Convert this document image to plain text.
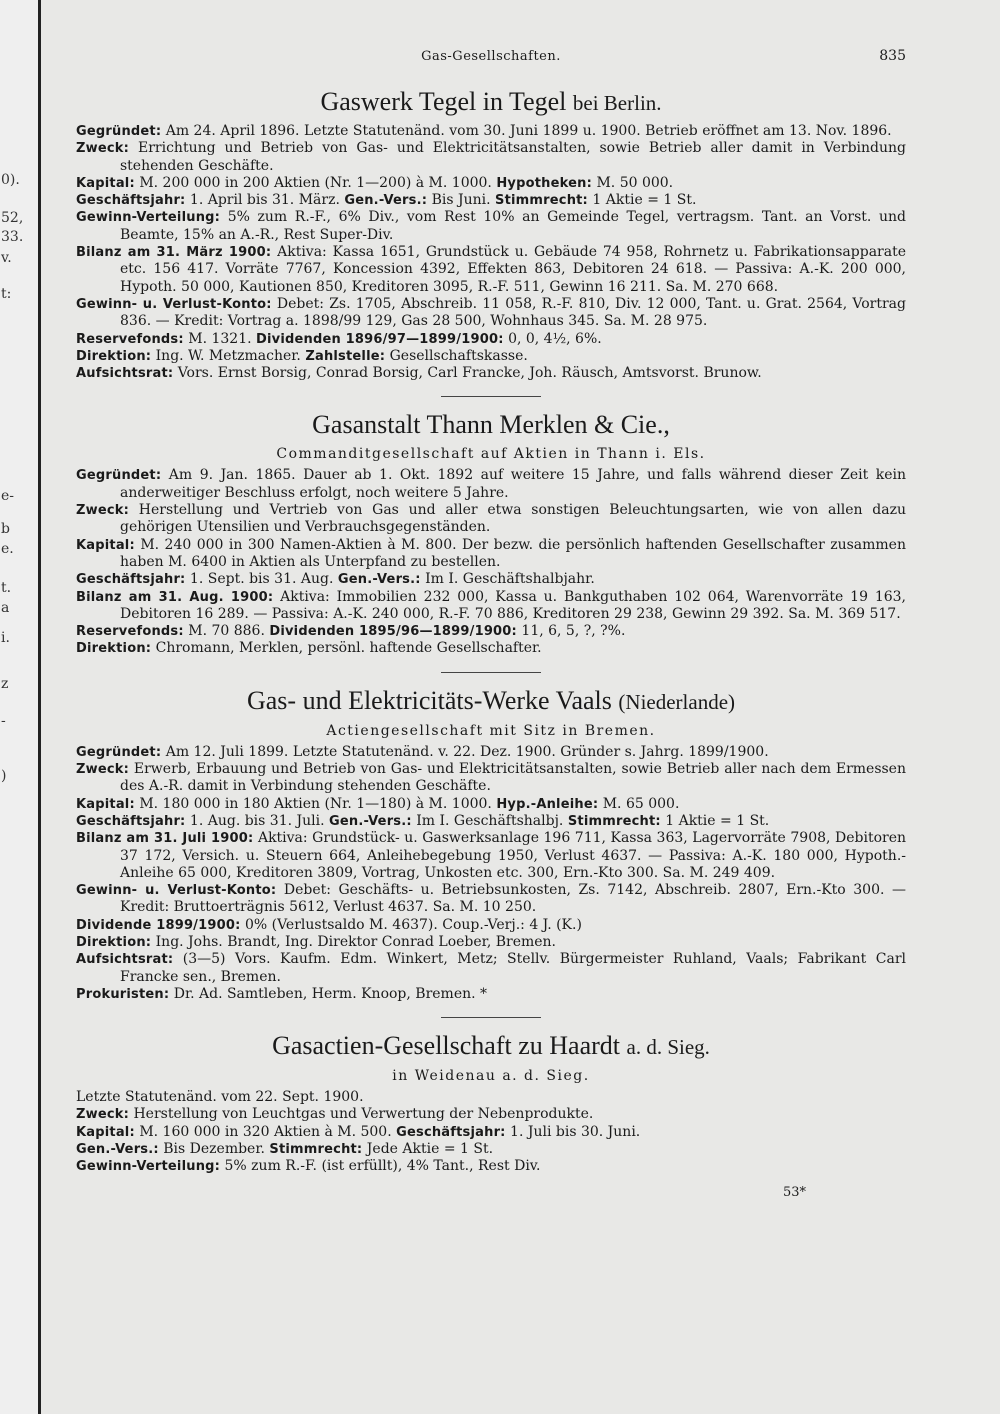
0).
52,
33.
v.
t:
e-
b
e.
t.
a
i.
z
-
)
Gas-Gesellschaften.	835
Gaswerk Tegel in Tegel bei Berlin.
Gegründet: Am 24. April 1896. Letzte Statutenänd. vom 30. Juni 1899 u. 1900. Betrieb eröffnet am 13. Nov. 1896.
Zweck: Errichtung und Betrieb von Gas- und Elektricitätsanstalten, sowie Betrieb aller damit in Verbindung stehenden Geschäfte.
Kapital: M. 200 000 in 200 Aktien (Nr. 1—200) à M. 1000. Hypotheken: M. 50 000.
Geschäftsjahr: 1. April bis 31. März. Gen.-Vers.: Bis Juni. Stimmrecht: 1 Aktie = 1 St.
Gewinn-Verteilung: 5% zum R.-F., 6% Div., vom Rest 10% an Gemeinde Tegel, vertragsm. Tant. an Vorst. und Beamte, 15% an A.-R., Rest Super-Div.
Bilanz am 31. März 1900: Aktiva: Kassa 1651, Grundstück u. Gebäude 74 958, Rohrnetz u. Fabrikationsapparate etc. 156 417. Vorräte 7767, Koncession 4392, Effekten 863, Debitoren 24 618. — Passiva: A.-K. 200 000, Hypoth. 50 000, Kautionen 850, Kreditoren 3095, R.-F. 511, Gewinn 16 211. Sa. M. 270 668.
Gewinn- u. Verlust-Konto: Debet: Zs. 1705, Abschreib. 11 058, R.-F. 810, Div. 12 000, Tant. u. Grat. 2564, Vortrag 836. — Kredit: Vortrag a. 1898/99 129, Gas 28 500, Wohnhaus 345. Sa. M. 28 975.
Reservefonds: M. 1321. Dividenden 1896/97—1899/1900: 0, 0, 4½, 6%.
Direktion: Ing. W. Metzmacher. Zahlstelle: Gesellschaftskasse.
Aufsichtsrat: Vors. Ernst Borsig, Conrad Borsig, Carl Francke, Joh. Räusch, Amtsvorst. Brunow.
Gasanstalt Thann Merklen & Cie.,
Commanditgesellschaft auf Aktien in Thann i. Els.
Gegründet: Am 9. Jan. 1865. Dauer ab 1. Okt. 1892 auf weitere 15 Jahre, und falls während dieser Zeit kein anderweitiger Beschluss erfolgt, noch weitere 5 Jahre.
Zweck: Herstellung und Vertrieb von Gas und aller etwa sonstigen Beleuchtungsarten, wie von allen dazu gehörigen Utensilien und Verbrauchsgegenständen.
Kapital: M. 240 000 in 300 Namen-Aktien à M. 800. Der bezw. die persönlich haftenden Gesellschafter zusammen haben M. 6400 in Aktien als Unterpfand zu bestellen.
Geschäftsjahr: 1. Sept. bis 31. Aug. Gen.-Vers.: Im I. Geschäftshalbjahr.
Bilanz am 31. Aug. 1900: Aktiva: Immobilien 232 000, Kassa u. Bankguthaben 102 064, Warenvorräte 19 163, Debitoren 16 289. — Passiva: A.-K. 240 000, R.-F. 70 886, Kreditoren 29 238, Gewinn 29 392. Sa. M. 369 517.
Reservefonds: M. 70 886. Dividenden 1895/96—1899/1900: 11, 6, 5, ?, ?%.
Direktion: Chromann, Merklen, persönl. haftende Gesellschafter.
Gas- und Elektricitäts-Werke Vaals (Niederlande)
Actiengesellschaft mit Sitz in Bremen.
Gegründet: Am 12. Juli 1899. Letzte Statutenänd. v. 22. Dez. 1900. Gründer s. Jahrg. 1899/1900.
Zweck: Erwerb, Erbauung und Betrieb von Gas- und Elektricitätsanstalten, sowie Betrieb aller nach dem Ermessen des A.-R. damit in Verbindung stehenden Geschäfte.
Kapital: M. 180 000 in 180 Aktien (Nr. 1—180) à M. 1000. Hyp.-Anleihe: M. 65 000.
Geschäftsjahr: 1. Aug. bis 31. Juli. Gen.-Vers.: Im I. Geschäftshalbj. Stimmrecht: 1 Aktie = 1 St.
Bilanz am 31. Juli 1900: Aktiva: Grundstück- u. Gaswerksanlage 196 711, Kassa 363, Lagervorräte 7908, Debitoren 37 172, Versich. u. Steuern 664, Anleihebegebung 1950, Verlust 4637. — Passiva: A.-K. 180 000, Hypoth.-Anleihe 65 000, Kreditoren 3809, Vortrag, Unkosten etc. 300, Ern.-Kto 300. Sa. M. 249 409.
Gewinn- u. Verlust-Konto: Debet: Geschäfts- u. Betriebsunkosten, Zs. 7142, Abschreib. 2807, Ern.-Kto 300. — Kredit: Bruttoerträgnis 5612, Verlust 4637. Sa. M. 10 250.
Dividende 1899/1900: 0% (Verlustsaldo M. 4637). Coup.-Verj.: 4 J. (K.)
Direktion: Ing. Johs. Brandt, Ing. Direktor Conrad Loeber, Bremen.
Aufsichtsrat: (3—5) Vors. Kaufm. Edm. Winkert, Metz; Stellv. Bürgermeister Ruhland, Vaals; Fabrikant Carl Francke sen., Bremen.
Prokuristen: Dr. Ad. Samtleben, Herm. Knoop, Bremen. *
Gasactien-Gesellschaft zu Haardt a. d. Sieg.
in Weidenau a. d. Sieg.
Letzte Statutenänd. vom 22. Sept. 1900.
Zweck: Herstellung von Leuchtgas und Verwertung der Nebenprodukte.
Kapital: M. 160 000 in 320 Aktien à M. 500. Geschäftsjahr: 1. Juli bis 30. Juni.
Gen.-Vers.: Bis Dezember. Stimmrecht: Jede Aktie = 1 St.
Gewinn-Verteilung: 5% zum R.-F. (ist erfüllt), 4% Tant., Rest Div.
53*
